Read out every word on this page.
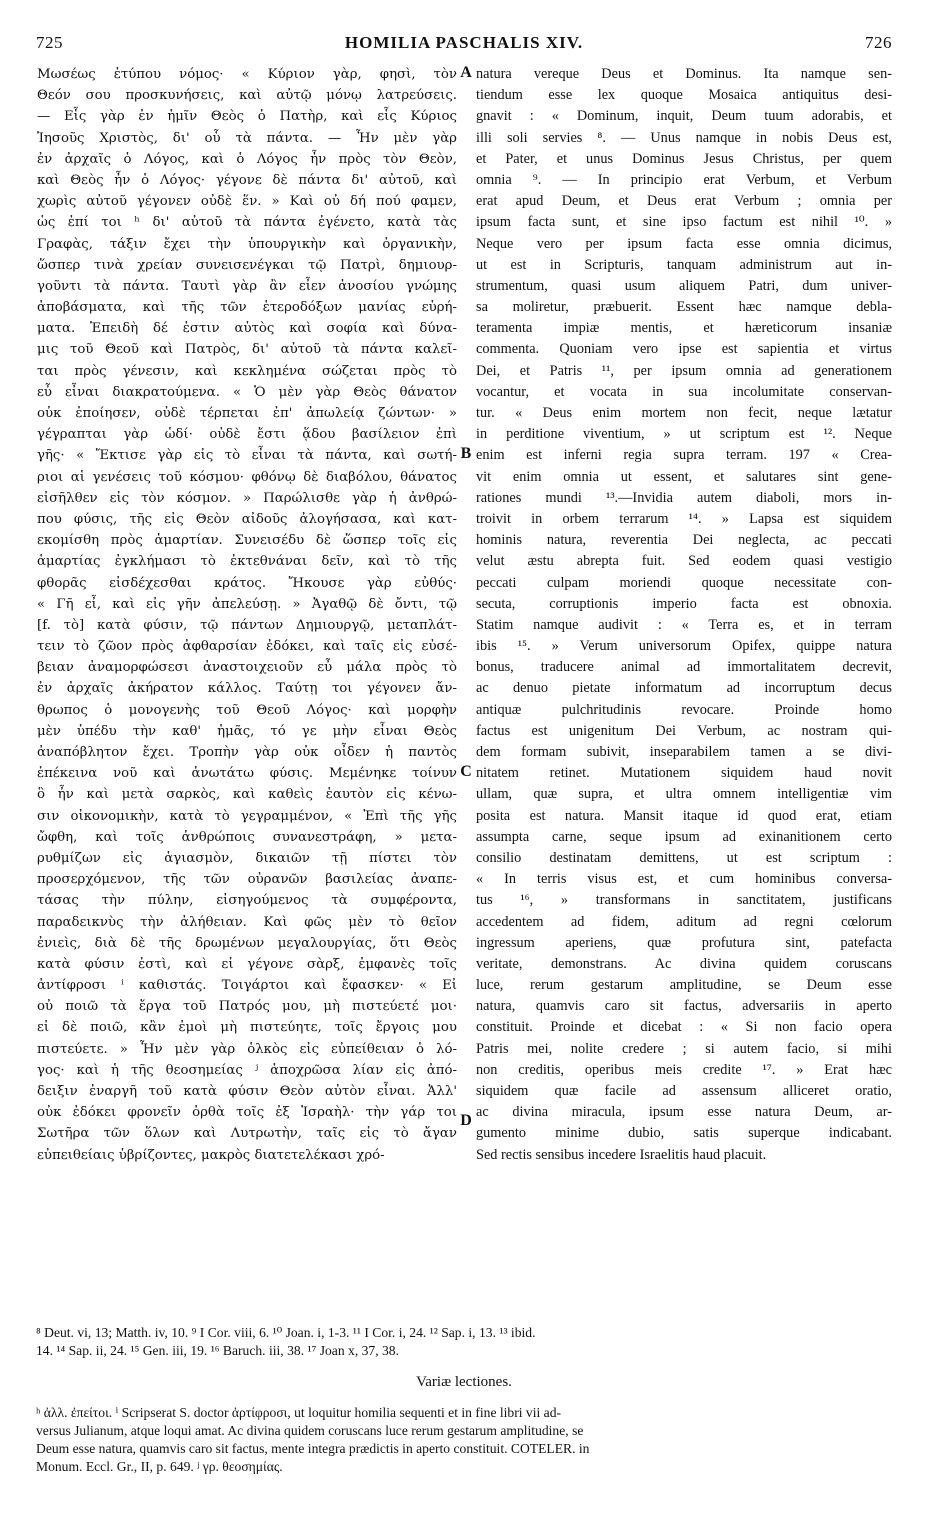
725	HOMILIA PASCHALIS XIV.	726
Μωσέως ἐτύπου νόμος· « Κύριον γὰρ, φησὶ, τὸν
Θεόν σου προσκυνήσεις, καὶ αὐτῷ μόνῳ λατρεύσεις.
— Εἷς γὰρ ἐν ἡμῖν Θεὸς ὁ Πατὴρ, καὶ εἷς Κύριος
Ἰησοῦς Χριστὸς, δι' οὗ τὰ πάντα. — Ἦν μὲν γὰρ
ἐν ἀρχαῖς ὁ Λόγος, καὶ ὁ Λόγος ἦν πρὸς τὸν Θεὸν,
καὶ Θεὸς ἦν ὁ Λόγος· γέγονε δὲ πάντα δι' αὐτοῦ, καὶ
χωρὶς αὐτοῦ γέγονεν οὐδὲ ἕν. » Καὶ οὐ δή πού φαμεν,
ὡς ἐπί τοι ʰ δι' αὐτοῦ τὰ πάντα ἐγένετο, κατὰ τὰς
Γραφὰς, τάξιν ἔχει τὴν ὑπουργικὴν καὶ ὀργανικὴν,
ὥσπερ τινὰ χρείαν συνεισενέγκαι τῷ Πατρὶ, δημιουρ-
γοῦντι τὰ πάντα. Ταυτὶ γὰρ ἂν εἶεν ἀνοσίου γνώμης
ἀποβάσματα, καὶ τῆς τῶν ἑτεροδόξων μανίας εὑρή-
ματα. Ἐπειδὴ δέ ἐστιν αὐτὸς καὶ σοφία καὶ δύνα-
μις τοῦ Θεοῦ καὶ Πατρὸς, δι' αὐτοῦ τὰ πάντα καλεῖ-
ται πρὸς γένεσιν, καὶ κεκλημένα σώζεται πρὸς τὸ
εὖ εἶναι διακρατούμενα. « Ὁ μὲν γὰρ Θεὸς θάνατον
οὐκ ἐποίησεν, οὐδὲ τέρπεται ἐπ' ἀπωλείᾳ ζώντων· »
γέγραπται γὰρ ὡδί· οὐδὲ ἔστι ᾅδου βασίλειον ἐπὶ
γῆς· « Ἔκτισε γὰρ εἰς τὸ εἶναι τὰ πάντα, καὶ σωτή-
ριοι αἱ γενέσεις τοῦ κόσμου· φθόνῳ δὲ διαβόλου, θάνατος
εἰσῆλθεν εἰς τὸν κόσμον. » Παρώλισθε γὰρ ἡ ἀνθρώ-
που φύσις, τῆς εἰς Θεὸν αἰδοῦς ἀλογήσασα, καὶ κατ-
εκομίσθη πρὸς ἁμαρτίαν. Συνεισέδυ δὲ ὥσπερ τοῖς εἰς
ἁμαρτίας ἐγκλήμασι τὸ ἐκτεθνάναι δεῖν, καὶ τὸ τῆς
φθορᾶς εἰσδέχεσθαι κράτος. Ἤκουσε γὰρ εὐθύς·
« Γῆ εἶ, καὶ εἰς γῆν ἀπελεύσῃ. » Ἀγαθῷ δὲ ὄντι, τῷ
[f. τὸ] κατὰ φύσιν, τῷ πάντων Δημιουργῷ, μεταπλάτ-
τειν τὸ ζῶον πρὸς ἀφθαρσίαν ἐδόκει, καὶ ταῖς εἰς εὐσέ-
βειαν ἀναμορφώσεσι ἀναστοιχειοῦν εὖ μάλα πρὸς τὸ
ἐν ἀρχαῖς ἀκήρατον κάλλος. Ταύτῃ τοι γέγονεν ἄν-
θρωπος ὁ μονογενὴς τοῦ Θεοῦ Λόγος· καὶ μορφὴν
μὲν ὑπέδυ τὴν καθ' ἡμᾶς, τό γε μὴν εἶναι Θεὸς
ἀναπόβλητον ἔχει. Τροπὴν γὰρ οὐκ οἶδεν ἡ παντὸς
ἐπέκεινα νοῦ καὶ ἀνωτάτω φύσις. Μεμένηκε τοίνυν
ὃ ἦν καὶ μετὰ σαρκὸς, καὶ καθεὶς ἑαυτὸν εἰς κένω-
σιν οἰκονομικὴν, κατὰ τὸ γεγραμμένον, « Ἐπὶ τῆς γῆς
ὤφθη, καὶ τοῖς ἀνθρώποις συνανεστράφη, » μετα-
ρυθμίζων εἰς ἁγιασμὸν, δικαιῶν τῇ πίστει τὸν
προσερχόμενον, τῆς τῶν οὐρανῶν βασιλείας ἀναπε-
τάσας τὴν πύλην, εἰσηγούμενος τὰ συμφέροντα,
παραδεικνὺς τὴν ἀλήθειαν. Καὶ φῶς μὲν τὸ θεῖον
ἐνιεὶς, διὰ δὲ τῆς δρωμένων μεγαλουργίας, ὅτι Θεὸς
κατὰ φύσιν ἐστὶ, καὶ εἰ γέγονε σὰρξ, ἐμφανὲς τοῖς
ἀντίφροσι ⁱ καθιστάς. Τοιγάρτοι καὶ ἔφασκεν· « Εἰ
οὐ ποιῶ τὰ ἔργα τοῦ Πατρός μου, μὴ πιστεύετέ μοι·
εἰ δὲ ποιῶ, κἂν ἐμοὶ μὴ πιστεύητε, τοῖς ἔργοις μου
πιστεύετε. » Ἦν μὲν γὰρ ὁλκὸς εἰς εὐπείθειαν ὁ λό-
γος· καὶ ἡ τῆς θεοσημείας ʲ ἀποχρῶσα λίαν εἰς ἀπό-
δειξιν ἐναργῆ τοῦ κατὰ φύσιν Θεὸν αὐτὸν εἶναι. Ἀλλ'
οὐκ ἐδόκει φρονεῖν ὀρθὰ τοῖς ἐξ Ἰσραὴλ· τὴν γάρ τοι
Σωτῆρα τῶν ὅλων καὶ Λυτρωτὴν, ταῖς εἰς τὸ ἄγαν
εὐπειθείαις ὑβρίζοντες, μακρὸς διατετελέκασι χρό-
natura vereque Deus et Dominus. Ita namque sen-
tiendum esse lex quoque Mosaica antiquitus desi-
gnavit : « Dominum, inquit, Deum tuum adorabis, et
illi soli servies ⁸. — Unus namque in nobis Deus est,
et Pater, et unus Dominus Jesus Christus, per quem
omnia ⁹. — In principio erat Verbum, et Verbum
erat apud Deum, et Deus erat Verbum ; omnia per
ipsum facta sunt, et sine ipso factum est nihil ¹⁰. »
Neque vero per ipsum facta esse omnia dicimus,
ut est in Scripturis, tanquam administrum aut in-
strumentum, quasi usum aliquem Patri, dum univer-
sa moliretur, præbuerit. Essent hæc namque debla-
teramenta impiæ mentis, et hæreticorum insaniæ
commenta. Quoniam vero ipse est sapientia et virtus
Dei, et Patris ¹¹, per ipsum omnia ad generationem
vocantur, et vocata in sua incolumitate conservan-
tur. « Deus enim mortem non fecit, neque lætatur
in perditione viventium, » ut scriptum est ¹². Neque
enim est inferni regia supra terram. 197 « Crea-
vit enim omnia ut essent, et salutares sint gene-
rationes mundi ¹³.—Invidia autem diaboli, mors in-
troivit in orbem terrarum ¹⁴. » Lapsa est siquidem
hominis natura, reverentia Dei neglecta, ac peccati
velut æstu abrepta fuit. Sed eodem quasi vestigio
peccati culpam moriendi quoque necessitate con-
secuta, corruptionis imperio facta est obnoxia.
Statim namque audivit : « Terra es, et in terram
ibis ¹⁵. » Verum universorum Opifex, quippe natura
bonus, traducere animal ad immortalitatem decrevit,
ac denuo pietate informatum ad incorruptum decus
antiquæ pulchritudinis revocare. Proinde homo
factus est unigenitum Dei Verbum, ac nostram qui-
dem formam subivit, inseparabilem tamen a se divi-
nitatem retinet. Mutationem siquidem haud novit
ullam, quæ supra, et ultra omnem intelligentiæ vim
posita est natura. Mansit itaque id quod erat, etiam
assumpta carne, seque ipsum ad exinanitionem certo
consilio destinatam demittens, ut est scriptum :
« In terris visus est, et cum hominibus conversa-
tus ¹⁶, » transformans in sanctitatem, justificans
accedentem ad fidem, aditum ad regni cœlorum
ingressum aperiens, quæ profutura sint, patefacta
veritate, demonstrans. Ac divina quidem coruscans
luce, rerum gestarum amplitudine, se Deum esse
natura, quamvis caro sit factus, adversariis in aperto
constituit. Proinde et dicebat : « Si non facio opera
Patris mei, nolite credere ; si autem facio, si mihi
non creditis, operibus meis credite ¹⁷. » Erat hæc
siquidem quæ facile ad assensum alliceret oratio,
ac divina miracula, ipsum esse natura Deum, ar-
gumento minime dubio, satis superque indicabant.
Sed rectis sensibus incedere Israelitis haud placuit.
A
B
C
D
⁸ Deut. vi, 13; Matth. iv, 10. ⁹ I Cor. viii, 6. ¹⁰ Joan. i, 1-3. ¹¹ I Cor. i, 24. ¹² Sap. i, 13. ¹³ ibid.
14. ¹⁴ Sap. ii, 24. ¹⁵ Gen. iii, 19. ¹⁶ Baruch. iii, 38. ¹⁷ Joan x, 37, 38.
Variæ lectiones.
ʰ ἀλλ. ἐπείτοι. ⁱ Scripserat S. doctor ἀρτίφροσι, ut loquitur homilia sequenti et in fine libri vii ad-
versus Julianum, atque loqui amat. Ac divina quidem coruscans luce rerum gestarum amplitudine, se
Deum esse natura, quamvis caro sit factus, mente integra prædictis in aperto constituit. COTELER. in
Monum. Eccl. Gr., II, p. 649. ʲ γρ. θεοσημίας.
